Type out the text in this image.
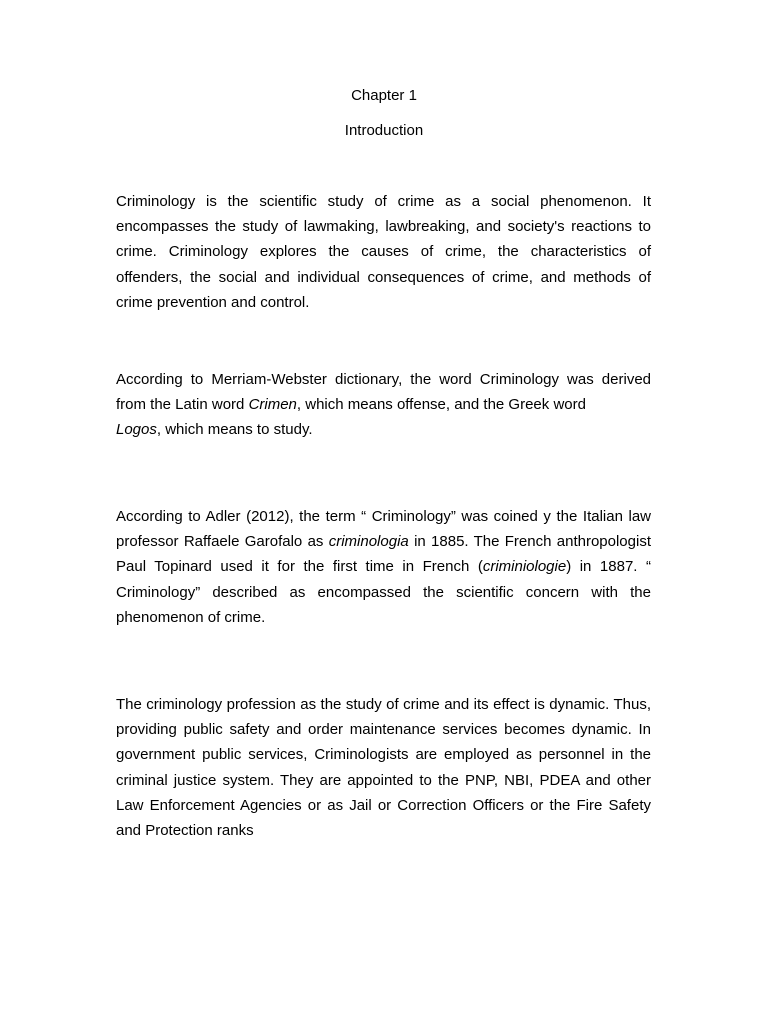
Chapter 1
Introduction

Criminology is the scientific study of crime as a social phenomenon. It encompasses the study of lawmaking, lawbreaking, and society's reactions to crime. Criminology explores the causes of crime, the characteristics of offenders, the social and individual consequences of crime, and methods of crime prevention and control.

According to Merriam-Webster dictionary, the word Criminology was derived from the Latin word Crimen, which means offense, and the Greek word
Logos, which means to study.

According to Adler (2012), the term “ Criminology” was coined y the Italian law professor Raffaele Garofalo as criminologia in 1885. The French anthropologist Paul Topinard used it for the first time in French (criminiologie) in 1887. “ Criminology” described as encompassed the scientific concern with the phenomenon of crime.

The criminology profession as the study of crime and its effect is dynamic. Thus, providing public safety and order maintenance services becomes dynamic. In government public services, Criminologists are employed as personnel in the criminal justice system. They are appointed to the PNP, NBI, PDEA and other Law Enforcement Agencies or as Jail or Correction Officers or the Fire Safety and Protection ranks
